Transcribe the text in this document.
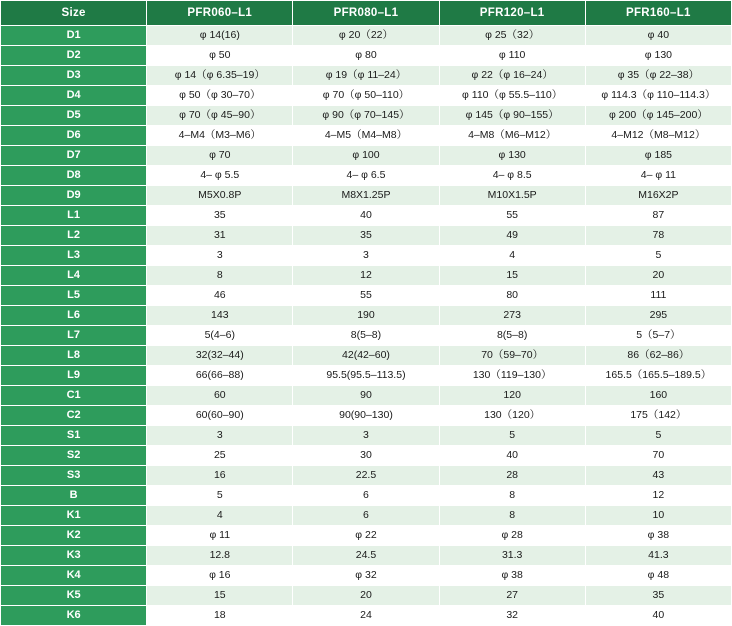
Size	PFR060–L1	PFR080–L1	PFR120–L1	PFR160–L1
D1	φ 14(16)	φ 20（22）	φ 25（32）	φ 40
D2	φ 50	φ 80	φ 110	φ 130
D3	φ 14（φ 6.35–19）	φ 19（φ 11–24）	φ 22（φ 16–24）	φ 35（φ 22–38）
D4	φ 50（φ 30–70）	φ 70（φ 50–110）	φ 110（φ 55.5–110）	φ 114.3（φ 110–114.3）
D5	φ 70（φ 45–90）	φ 90（φ 70–145）	φ 145（φ 90–155）	φ 200（φ 145–200）
D6	4–M4（M3–M6）	4–M5（M4–M8）	4–M8（M6–M12）	4–M12（M8–M12）
D7	φ 70	φ 100	φ 130	φ 185
D8	4– φ 5.5	4– φ 6.5	4– φ 8.5	4– φ 11
D9	M5X0.8P	M8X1.25P	M10X1.5P	M16X2P
L1	35	40	55	87
L2	31	35	49	78
L3	3	3	4	5
L4	8	12	15	20
L5	46	55	80	111
L6	143	190	273	295
L7	5(4–6)	8(5–8)	8(5–8)	5（5–7）
L8	32(32–44)	42(42–60)	70（59–70）	86（62–86）
L9	66(66–88)	95.5(95.5–113.5)	130（119–130）	165.5（165.5–189.5）
C1	60	90	120	160
C2	60(60–90)	90(90–130)	130（120）	175（142）
S1	3	3	5	5
S2	25	30	40	70
S3	16	22.5	28	43
B	5	6	8	12
K1	4	6	8	10
K2	φ 11	φ 22	φ 28	φ 38
K3	12.8	24.5	31.3	41.3
K4	φ 16	φ 32	φ 38	φ 48
K5	15	20	27	35
K6	18	24	32	40
